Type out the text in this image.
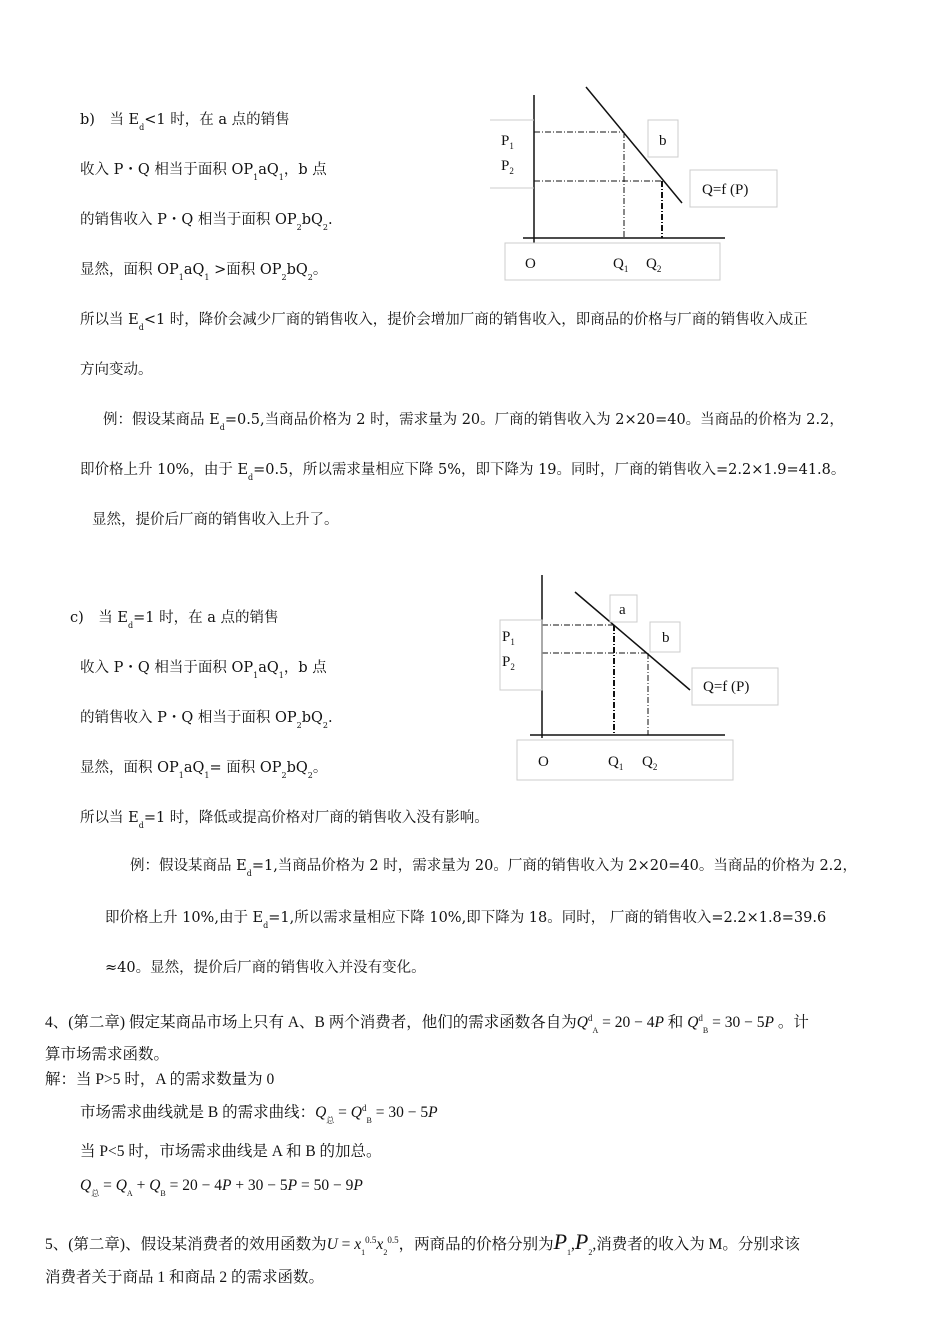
b)　当 $E_d<1$ 时，在 a 点的销售
收入 P・Q 相当于面积 $OP_1aQ_1$，b 点
的销售收入 P・Q 相当于面积 $OP_2bQ_2$.
显然，面积 $OP_1aQ_1$ >面积 $OP_2bQ_2$。
所以当 $E_d<1$ 时，降价会减少厂商的销售收入，提价会增加厂商的销售收入，即商品的价格与厂商的销售收入成正
方向变动。
例：假设某商品 $E_d=0.5$,当商品价格为 2 时，需求量为 20。厂商的销售收入为 2×20=40。当商品的价格为 2.2，
即价格上升 10%，由于 $E_d=0.5$，所以需求量相应下降 5%，即下降为 19。同时，厂商的销售收入=2.2×1.9=41.8。
显然，提价后厂商的销售收入上升了。
c)　当 $E_d=1$ 时，在 a 点的销售
收入 P・Q 相当于面积 $OP_1aQ_1$，b 点
的销售收入 P・Q 相当于面积 $OP_2bQ_2$.
显然，面积 $OP_1aQ_1=$ 面积 $OP_2bQ_2$。
所以当 $E_d=1$ 时，降低或提高价格对厂商的销售收入没有影响。
例：假设某商品 $E_d=1$,当商品价格为 2 时，需求量为 20。厂商的销售收入为 2×20=40。当商品的价格为 2.2，
即价格上升 10%,由于 $E_d=1$,所以需求量相应下降 10%,即下降为 18。同时， 厂商的销售收入=2.2×1.8=39.6
≈40。显然，提价后厂商的销售收入并没有变化。
4、(第二章) 假定某商品市场上只有 A、B 两个消费者，他们的需求函数各自为$Q^d_A = 20 - 4P$ 和 $Q^d_B = 30 - 5P$ 。计
算市场需求函数。
解：当 P>5 时，A 的需求数量为 0
市场需求曲线就是 B 的需求曲线：$Q_总 = Q^d_B = 30 - 5P$
当 P<5 时，市场需求曲线是 A 和 B 的加总。
$Q_总 = Q_A + Q_B = 20 - 4P + 30 - 5P = 50 - 9P$
5、(第二章)、假设某消费者的效用函数为$U = x_1^{0.5}x_2^{0.5}$，两商品的价格分别为$P_1,P_2$,消费者的收入为 M。分别求该
消费者关于商品 1 和商品 2 的需求函数。
$P_1$
$P_2$
b
Q=f (P)
O	$Q_1$ $Q_2$
$P_1$
$P_2$
a
b
Q=f (P)
O	$Q_1$ $Q_2$
